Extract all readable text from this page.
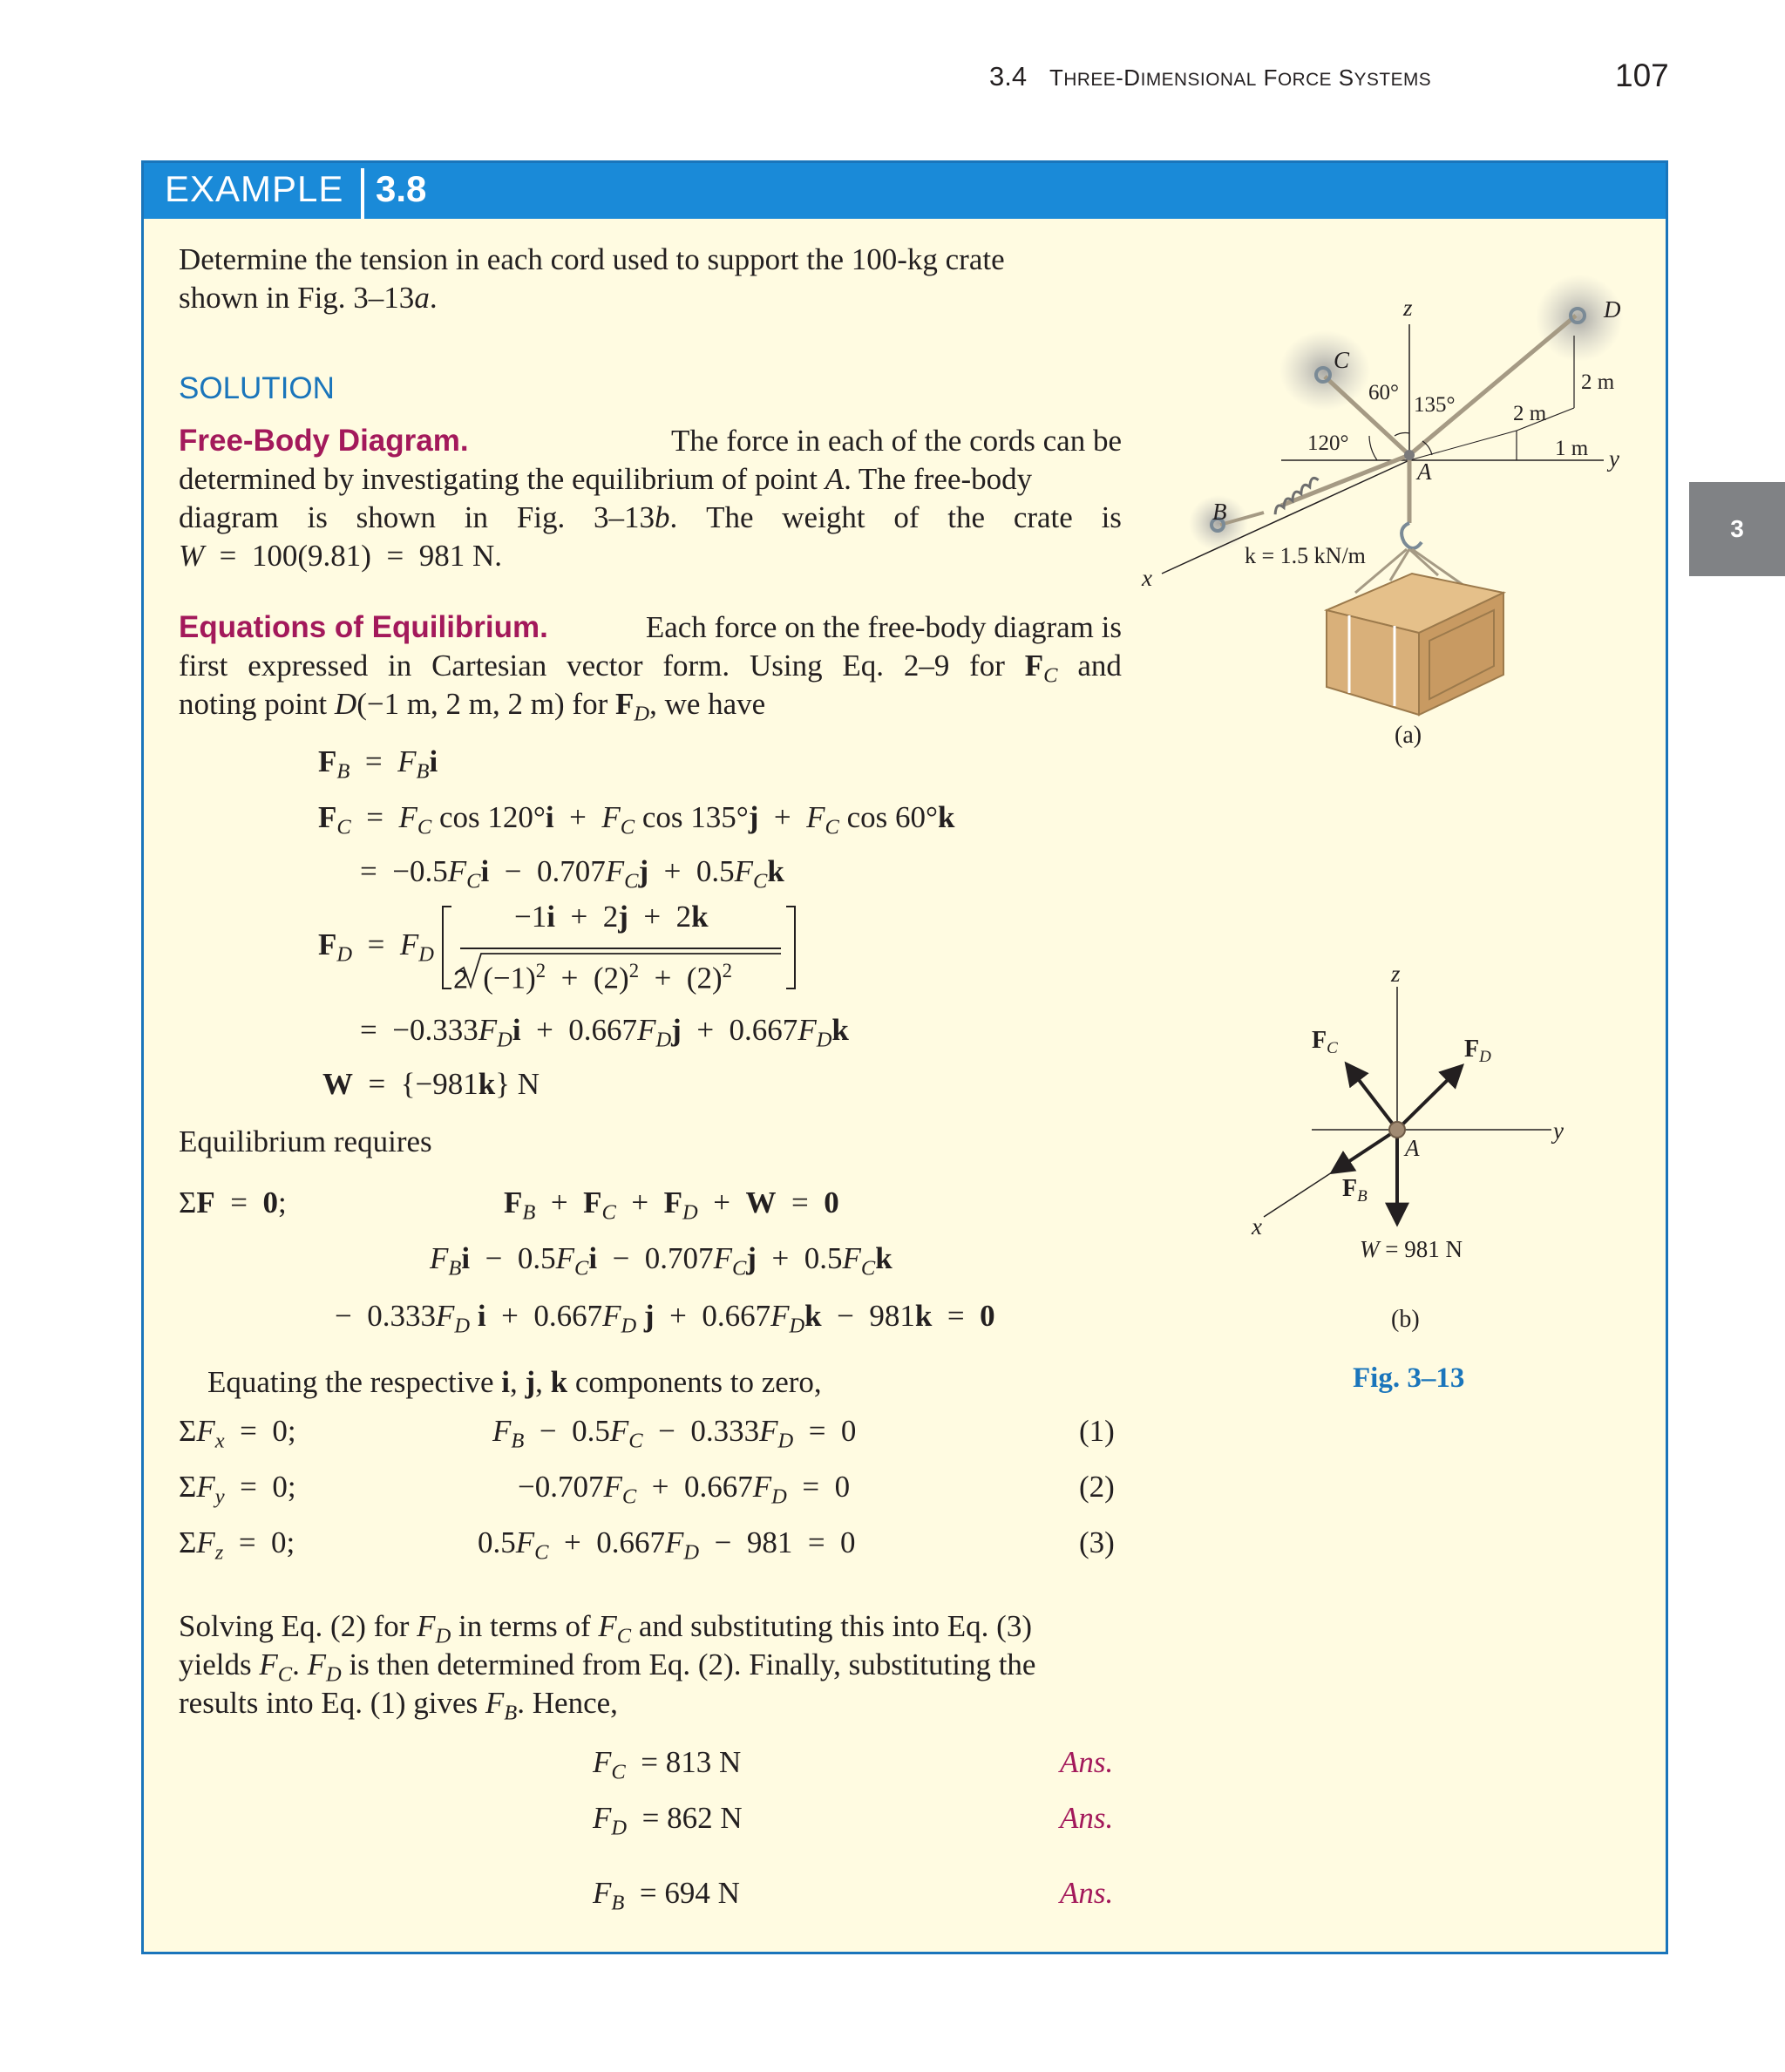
3.4 THREE-DIMENSIONAL FORCE SYSTEMS	107
3
EXAMPLE 3.8
Determine the tension in each cord used to support the 100-kg crate
shown in Fig. 3–13a.
SOLUTION
Free-Body Diagram.	The force in each of the cords can be
determined by investigating the equilibrium of point A. The free-body
diagram is shown in Fig. 3–13b. The weight of the crate is
W  =  100(9.81)  =  981 N.
Equations of Equilibrium.	Each force on the free-body diagram is
first expressed in Cartesian vector form. Using Eq. 2–9 for $F_C$ and
noting point D(−1 m, 2 m, 2 m) for $F_D$, we have
$F_B = F_Bi$
$F_C = F_C$ $\cos 120^\circ i + F_C$ $\cos 135^\circ j + F_C$ cos 60°k
=  $-0.5F_Ci - 0.707F_Cj + 0.5F_Ck$
$F_D = F_D$
−1i  +  2j  +  2k
2  $(-1)^2 + (2)^2 + (2)^2$
=  $-0.333F_Di + 0.667F_Dj + 0.667F_Dk$
W  =  {−981k} N
Equilibrium requires
ΣF  =  0;	$F_B + F_C + F_D + W = 0$
$F_Bi - 0.5F_Ci - 0.707F_Cj + 0.5F_Ck$
−  $0.333F_D$ $i + 0.667F_D$ $j + 0.667F_Dk - 981k = 0$
Equating the respective i, j, k components to zero,
$\Sigma F_x = 0$;	$F_B - 0.5F_C - 0.333F_D = 0$	(1)
$\Sigma F_y = 0$;	$-0.707F_C + 0.667F_D = 0$	(2)
$\Sigma F_z = 0$;	$0.5F_C + 0.667F_D - 981 = 0$	(3)
Solving Eq. (2) for $F_D$ in terms of $F_C$ and substituting this into Eq. (3)
yields $F_C$. $F_D$ is then determined from Eq. (2). Finally, substituting the
results into Eq. (1) gives $F_B$. Hence,
$F_C = 813$ N	Ans.
$F_D = 862$ N	Ans.
$F_B = 694$ N	Ans.
z	D
C
60°
135°
120°
2 m
2 m
1 m y
A
B
k = 1.5 kN/m
x
(a)
z
$F_C$	$F_D$
y
A
$F_B$
x
W = 981 N
(b)
Fig. 3–13
